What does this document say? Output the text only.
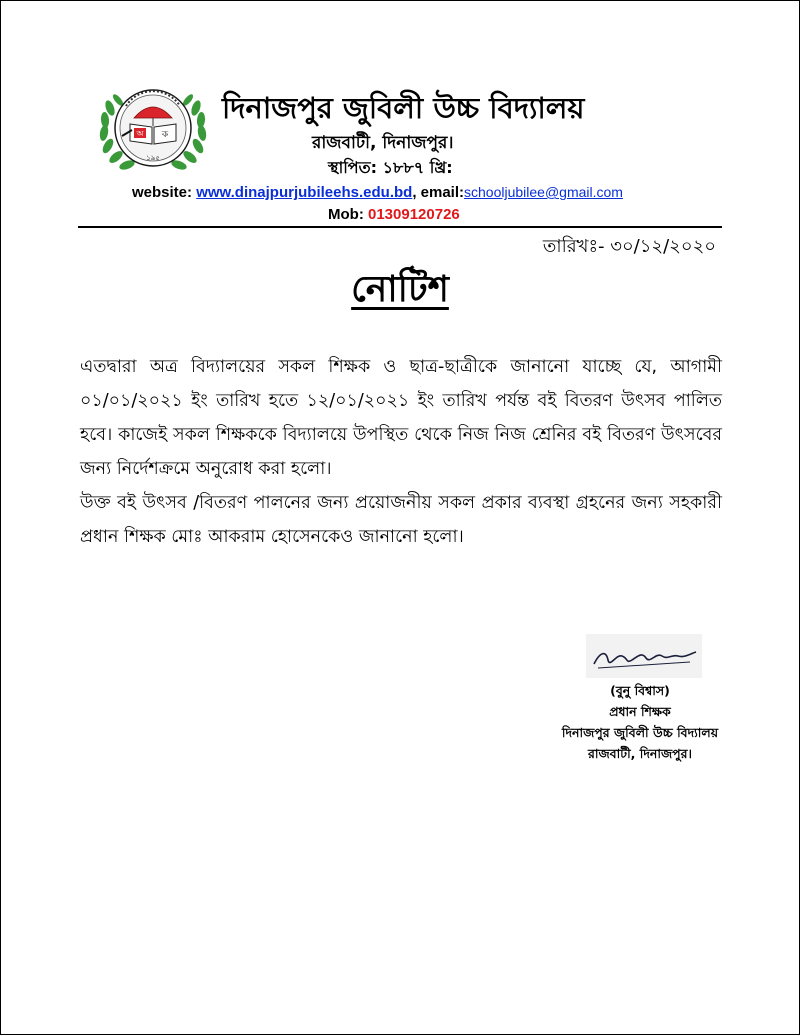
অ ক
১৯৫
দিনাজপুর জুবিলী উচ্চ বিদ্যালয়
রাজবাটী, দিনাজপুর।
স্থাপিত: ১৮৮৭ খ্রি:
website: www.dinajpurjubileehs.edu.bd, email:schooljubilee@gmail.com
Mob: 01309120726
তারিখঃ- ৩০/১২/২০২০
নোটিশ

এতদ্বারা অত্র বিদ্যালয়ের সকল শিক্ষক ও ছাত্র-ছাত্রীকে জানানো যাচ্ছে যে, আগামী ০১/০১/২০২১ ইং তারিখ হতে ১২/০১/২০২১ ইং তারিখ পর্যন্ত বই বিতরণ উৎসব পালিত হবে। কাজেই সকল শিক্ষককে বিদ্যালয়ে উপস্থিত থেকে নিজ নিজ শ্রেনির বই বিতরণ উৎসবের জন্য নির্দেশক্রমে অনুরোধ করা হলো।

উক্ত বই উৎসব /বিতরণ পালনের জন্য প্রয়োজনীয় সকল প্রকার ব্যবস্থা গ্রহনের জন্য সহকারী প্রধান শিক্ষক মোঃ আকরাম হোসেনকেও জানানো হলো।

(বুনু বিশ্বাস)
প্রধান শিক্ষক
দিনাজপুর জুবিলী উচ্চ বিদ্যালয়
রাজবাটী, দিনাজপুর।
